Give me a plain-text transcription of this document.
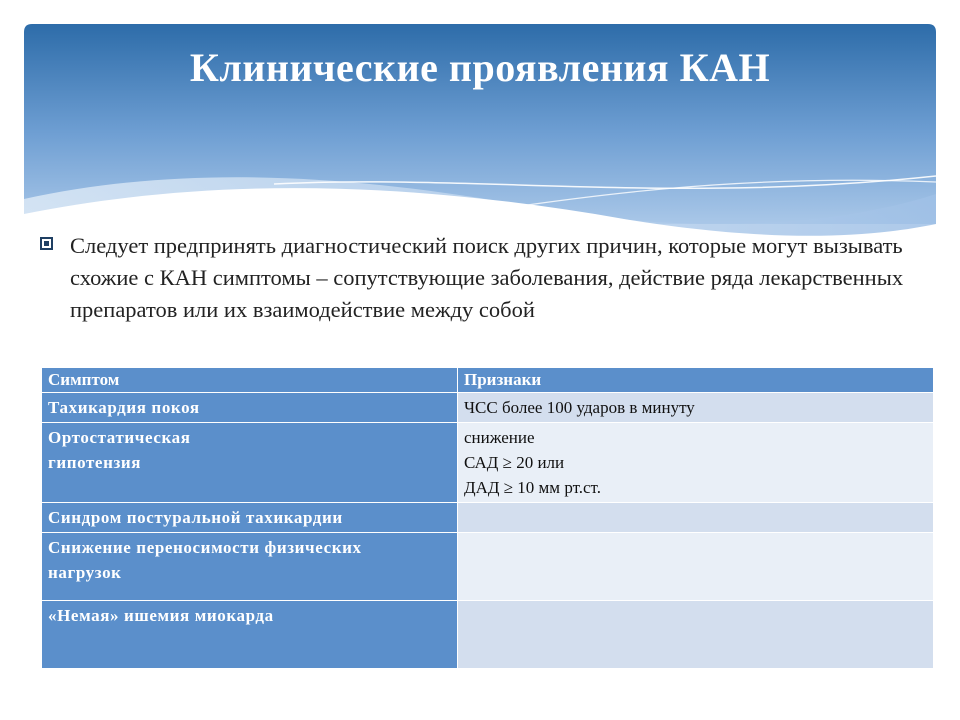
Клинические проявления КАН

Следует предпринять диагностический поиск других причин, которые могут вызывать схожие с КАН симптомы – сопутствующие заболевания, действие ряда лекарственных препаратов или их взаимодействие между собой

Симптом	Признаки

Тахикардия покоя	ЧСС более 100 ударов в минуту

Ортостатическая
гипотензия	снижение
САД ≥ 20 или
ДАД ≥ 10 мм рт.ст.

Синдром постуральной тахикардии	

Снижение переносимости физических
нагрузок	

«Немая» ишемия миокарда	
